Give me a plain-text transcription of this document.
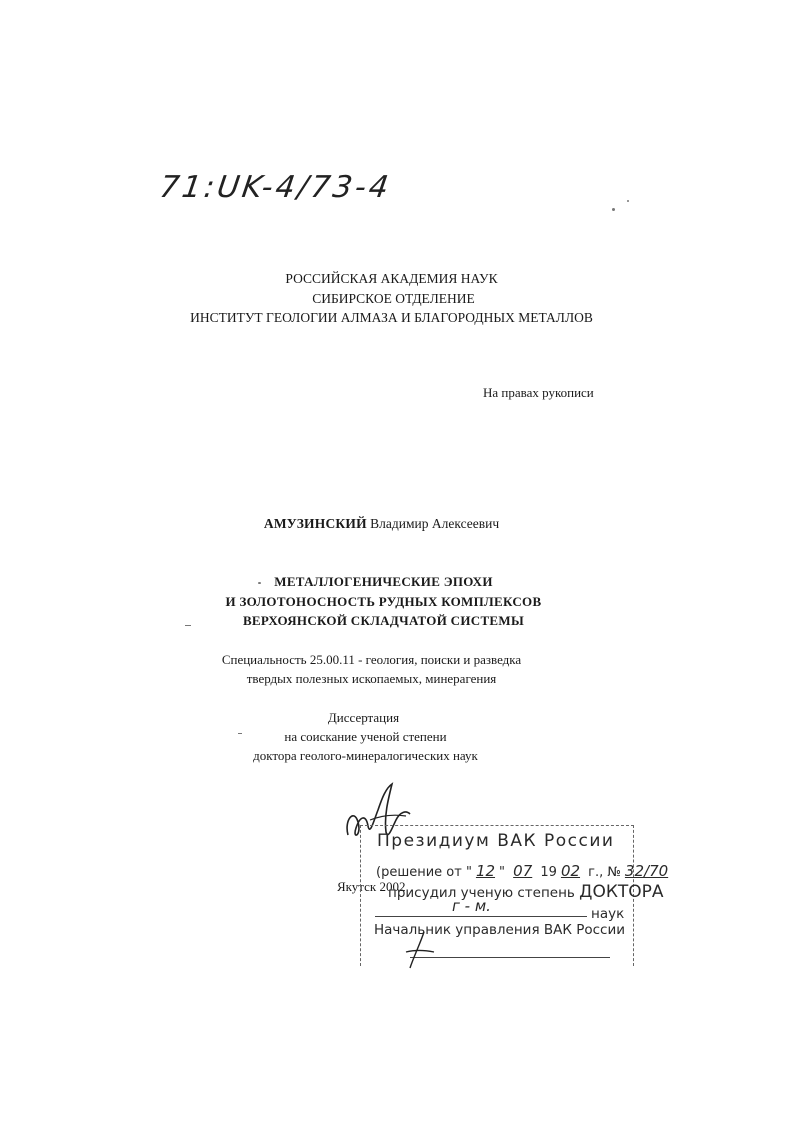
71:UK-4/73-4
РОССИЙСКАЯ АКАДЕМИЯ НАУК
СИБИРСКОЕ ОТДЕЛЕНИЕ
ИНСТИТУТ ГЕОЛОГИИ АЛМАЗА И БЛАГОРОДНЫХ МЕТАЛЛОВ
На правах рукописи
АМУЗИНСКИЙ Владимир Алексеевич
МЕТАЛЛОГЕНИЧЕСКИЕ ЭПОХИ
И ЗОЛОТОНОСНОСТЬ РУДНЫХ КОМПЛЕКСОВ
ВЕРХОЯНСКОЙ СКЛАДЧАТОЙ СИСТЕМЫ
Специальность 25.00.11 - геология, поиски и разведка
твердых полезных ископаемых, минерагения
Диссертация
на соискание ученой степени
доктора геолого-минералогических наук
Якутск 2002
Президиум ВАК России
(решение от " 12 " 07 19 02 г., № 32/70
присудил ученую степень ДОКТОРА
г - м.	наук
Начальник управления ВАК России
